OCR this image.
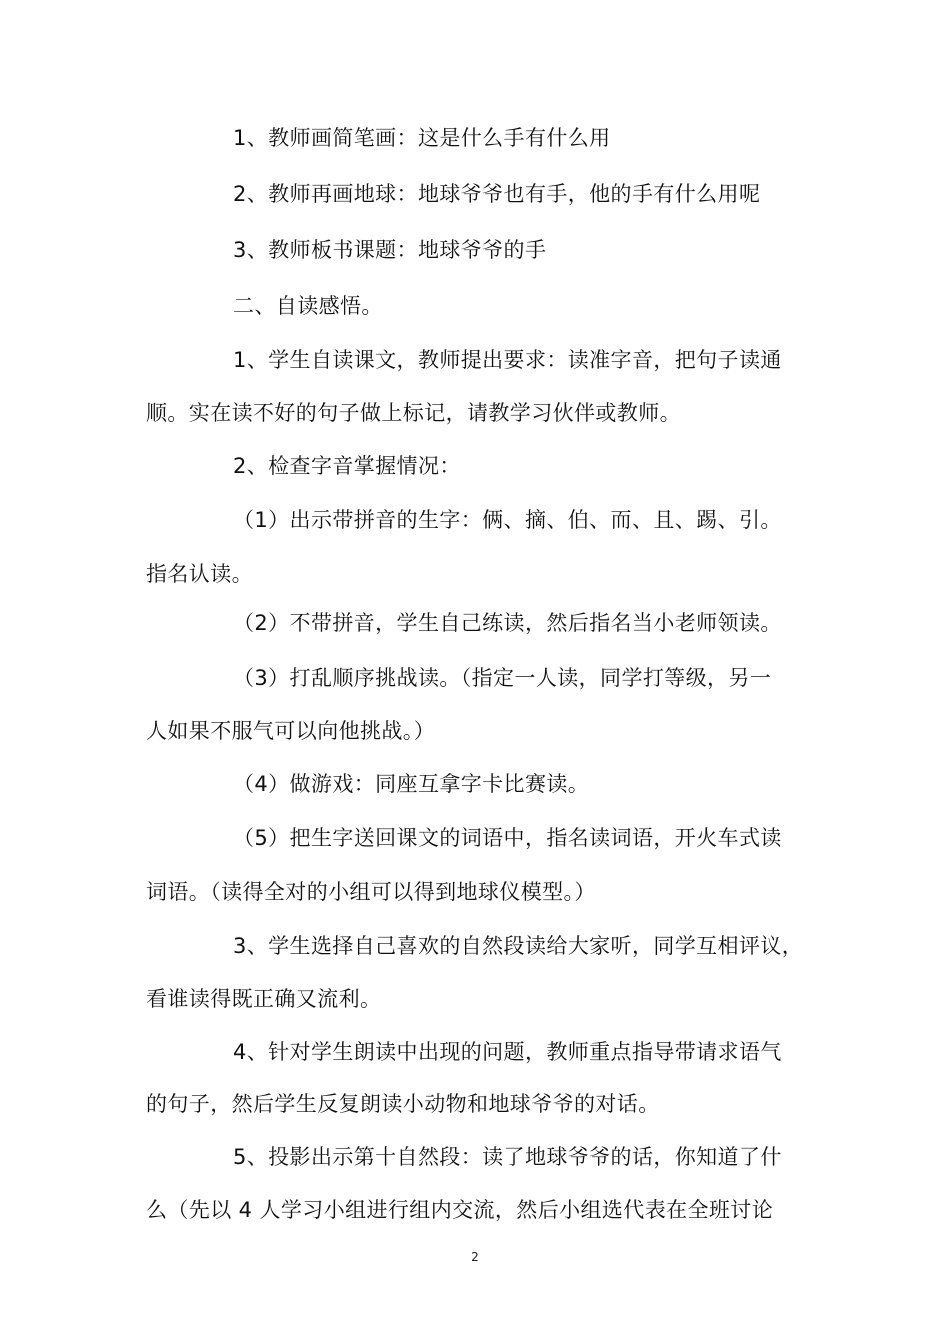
1、教师画简笔画：这是什么手有什么用
2、教师再画地球：地球爷爷也有手，他的手有什么用呢
3、教师板书课题：地球爷爷的手
二、自读感悟。
1、学生自读课文，教师提出要求：读准字音，把句子读通
顺。实在读不好的句子做上标记，请教学习伙伴或教师。
2、检查字音掌握情况：
（1）出示带拼音的生字：俩、摘、伯、而、且、踢、引。
指名认读。
（2）不带拼音，学生自己练读，然后指名当小老师领读。
（3）打乱顺序挑战读。（指定一人读，同学打等级，另一
人如果不服气可以向他挑战。）
（4）做游戏：同座互拿字卡比赛读。
（5）把生字送回课文的词语中，指名读词语，开火车式读
词语。（读得全对的小组可以得到地球仪模型。）
3、学生选择自己喜欢的自然段读给大家听，同学互相评议，
看谁读得既正确又流利。
4、针对学生朗读中出现的问题，教师重点指导带请求语气
的句子，然后学生反复朗读小动物和地球爷爷的对话。
5、投影出示第十自然段：读了地球爷爷的话，你知道了什
么（先以 4 人学习小组进行组内交流，然后小组选代表在全班讨论
2
